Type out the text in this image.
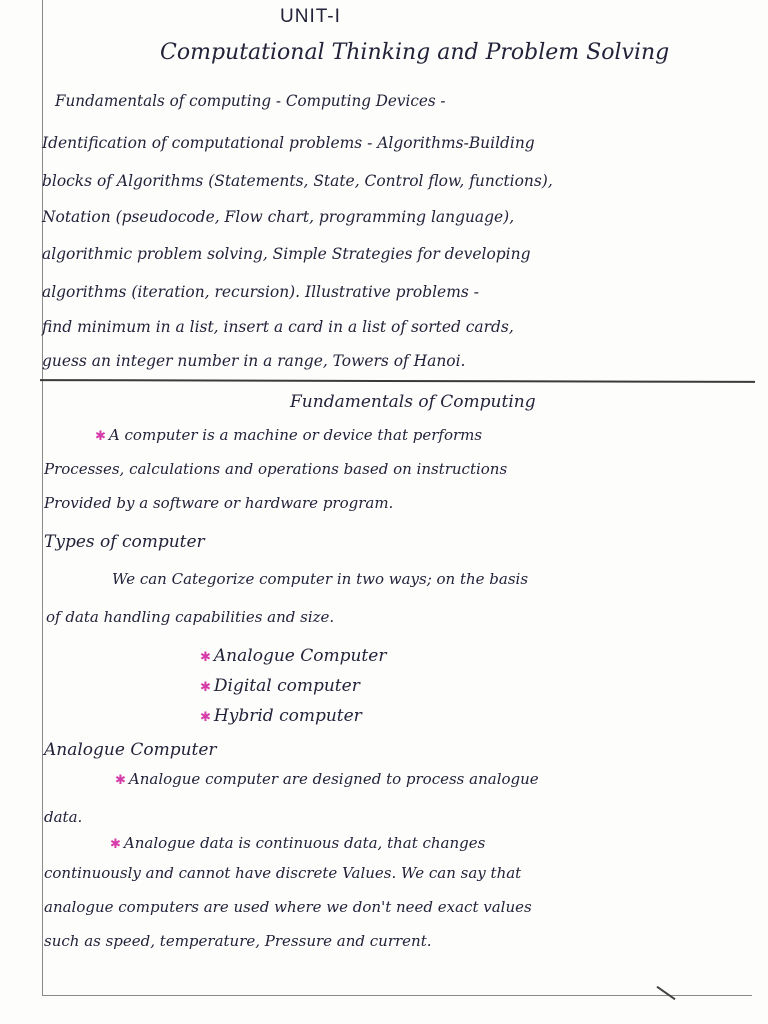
UNIT-I
Computational Thinking and Problem Solving
Fundamentals of computing - Computing Devices -
Identification of computational problems - Algorithms-Building
blocks of Algorithms (Statements, State, Control flow, functions),
Notation (pseudocode, Flow chart, programming language),
algorithmic problem solving, Simple Strategies for developing
algorithms (iteration, recursion). Illustrative problems -
find minimum in a list, insert a card in a list of sorted cards,
guess an integer number in a range, Towers of Hanoi.
Fundamentals of Computing
✱ A computer is a machine or device that performs
Processes, calculations and operations based on instructions
Provided by a software or hardware program.
Types of computer
We can Categorize computer in two ways; on the basis
of data handling capabilities and size.
✱ Analogue Computer
✱ Digital computer
✱ Hybrid computer
Analogue Computer
✱ Analogue computer are designed to process analogue
data.
✱ Analogue data is continuous data, that changes
continuously and cannot have discrete Values. We can say that
analogue computers are used where we don't need exact values
such as speed, temperature, Pressure and current.
